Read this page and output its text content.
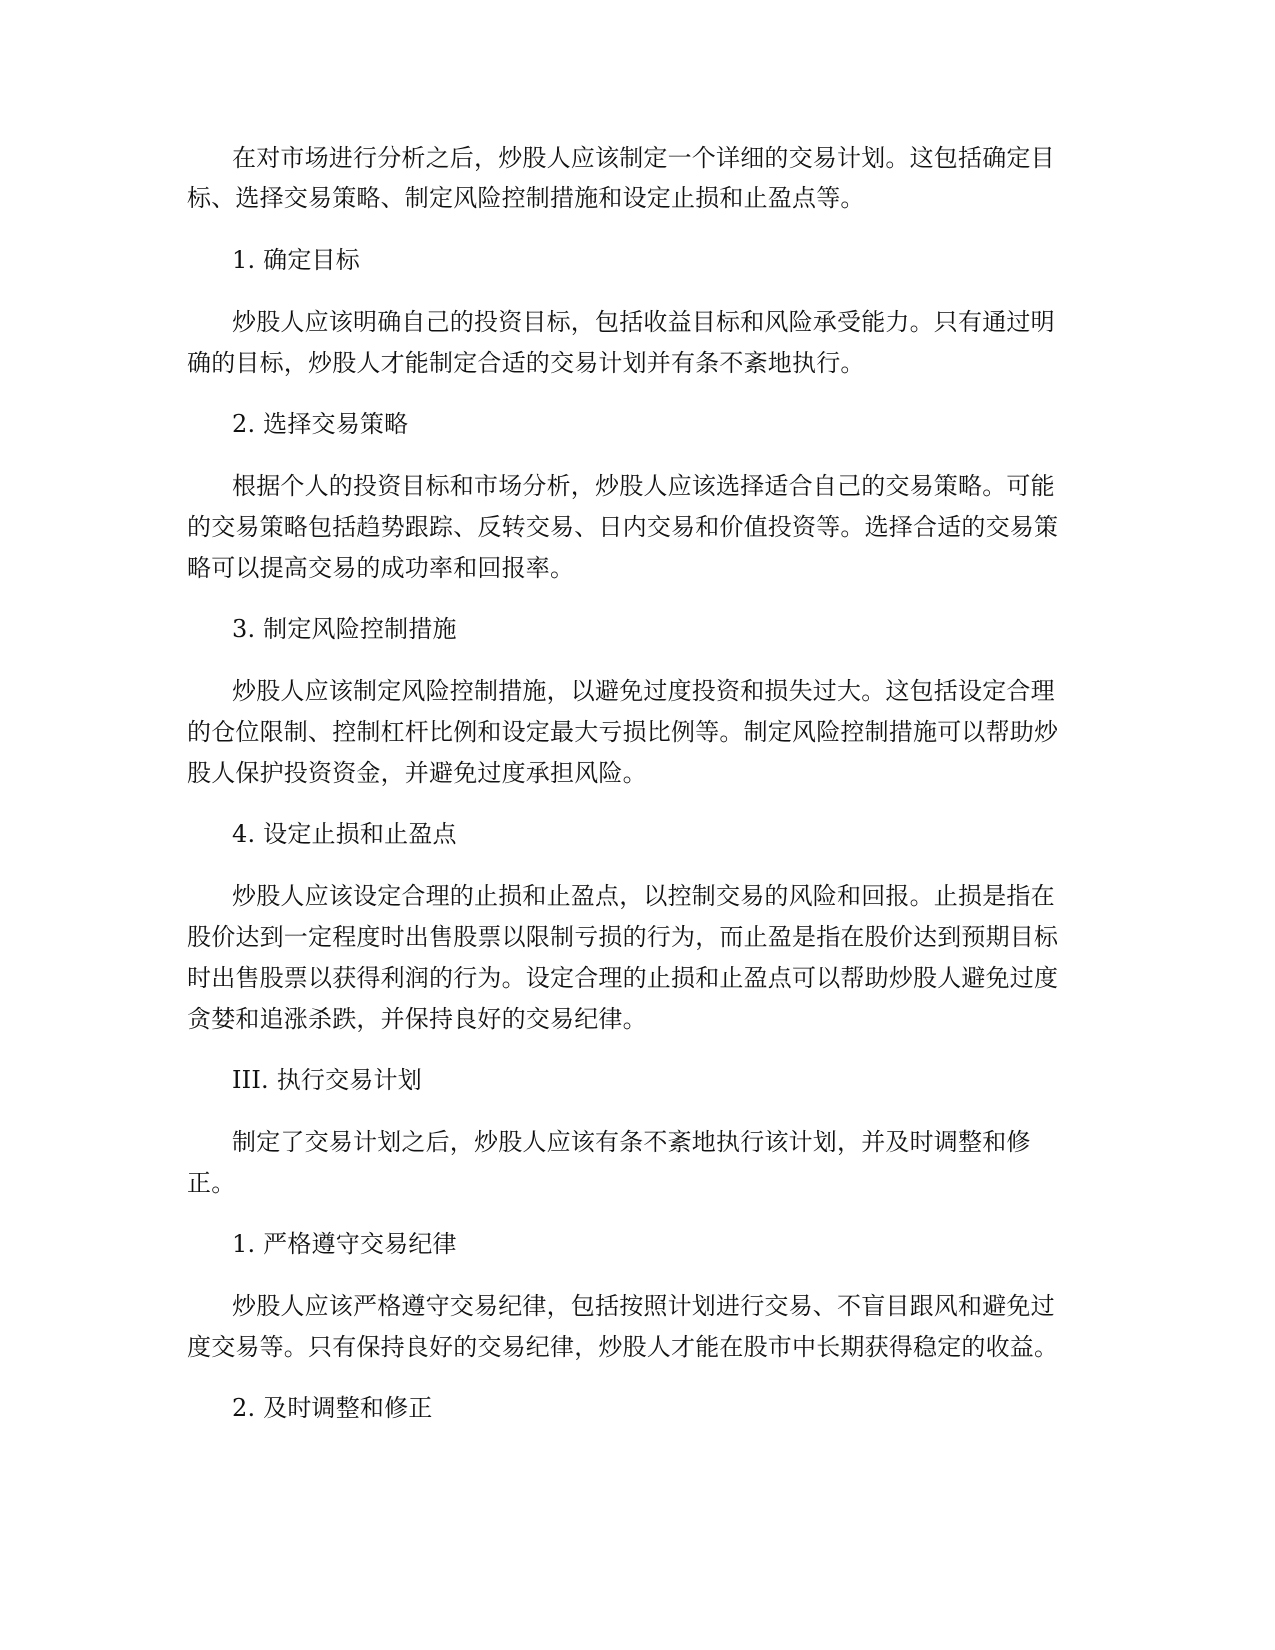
在对市场进行分析之后，炒股人应该制定一个详细的交易计划。这包括确定目
标、选择交易策略、制定风险控制措施和设定止损和止盈点等。
1. 确定目标
炒股人应该明确自己的投资目标，包括收益目标和风险承受能力。只有通过明
确的目标，炒股人才能制定合适的交易计划并有条不紊地执行。
2. 选择交易策略
根据个人的投资目标和市场分析，炒股人应该选择适合自己的交易策略。可能
的交易策略包括趋势跟踪、反转交易、日内交易和价值投资等。选择合适的交易策
略可以提高交易的成功率和回报率。
3. 制定风险控制措施
炒股人应该制定风险控制措施，以避免过度投资和损失过大。这包括设定合理
的仓位限制、控制杠杆比例和设定最大亏损比例等。制定风险控制措施可以帮助炒
股人保护投资资金，并避免过度承担风险。
4. 设定止损和止盈点
炒股人应该设定合理的止损和止盈点，以控制交易的风险和回报。止损是指在
股价达到一定程度时出售股票以限制亏损的行为，而止盈是指在股价达到预期目标
时出售股票以获得利润的行为。设定合理的止损和止盈点可以帮助炒股人避免过度
贪婪和追涨杀跌，并保持良好的交易纪律。
III. 执行交易计划
制定了交易计划之后，炒股人应该有条不紊地执行该计划，并及时调整和修
正。
1. 严格遵守交易纪律
炒股人应该严格遵守交易纪律，包括按照计划进行交易、不盲目跟风和避免过
度交易等。只有保持良好的交易纪律，炒股人才能在股市中长期获得稳定的收益。
2. 及时调整和修正
